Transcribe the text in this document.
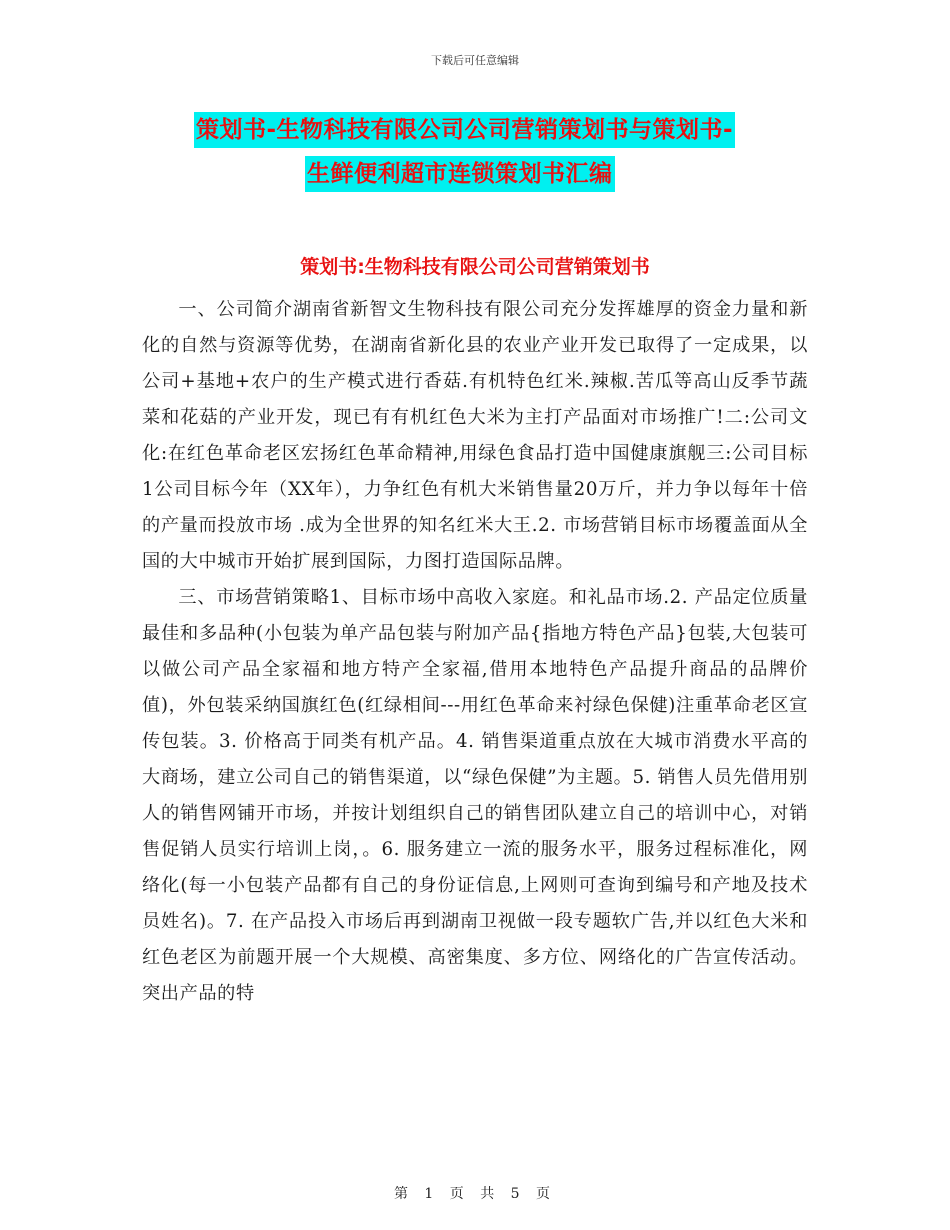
下载后可任意编辑
策划书-生物科技有限公司公司营销策划书与策划书-
生鲜便利超市连锁策划书汇编
策划书:生物科技有限公司公司营销策划书

一、公司简介湖南省新智文生物科技有限公司充分发挥雄厚的资金力量和新化的自然与资源等优势，在湖南省新化县的农业产业开发已取得了一定成果，以公司+基地+农户的生产模式进行香菇.有机特色红米.辣椒.苦瓜等高山反季节蔬菜和花菇的产业开发，现已有有机红色大米为主打产品面对市场推广!二:公司文化:在红色革命老区宏扬红色革命精神,用绿色食品打造中国健康旗舰三:公司目标1公司目标今年（XX年），力争红色有机大米销售量20万斤，并力争以每年十倍的产量而投放市场 .成为全世界的知名红米大王.2. 市场营销目标市场覆盖面从全国的大中城市开始扩展到国际，力图打造国际品牌。

三、市场营销策略1、目标市场中高收入家庭。和礼品市场.2. 产品定位质量最佳和多品种(小包装为单产品包装与附加产品{指地方特色产品}包装,大包装可以做公司产品全家福和地方特产全家福,借用本地特色产品提升商品的品牌价值)，外包装采纳国旗红色(红绿相间---用红色革命来衬绿色保健)注重革命老区宣传包装。3. 价格高于同类有机产品。4. 销售渠道重点放在大城市消费水平高的大商场，建立公司自己的销售渠道，以“绿色保健”为主题。5. 销售人员先借用别人的销售网铺开市场，并按计划组织自己的销售团队建立自己的培训中心，对销售促销人员实行培训上岗，。6. 服务建立一流的服务水平，服务过程标准化，网络化(每一小包装产品都有自己的身份证信息,上网则可查询到编号和产地及技术员姓名)。7. 在产品投入市场后再到湖南卫视做一段专题软广告,并以红色大米和红色老区为前题开展一个大规模、高密集度、多方位、网络化的广告宣传活动。突出产品的特

第 1 页 共 5 页
